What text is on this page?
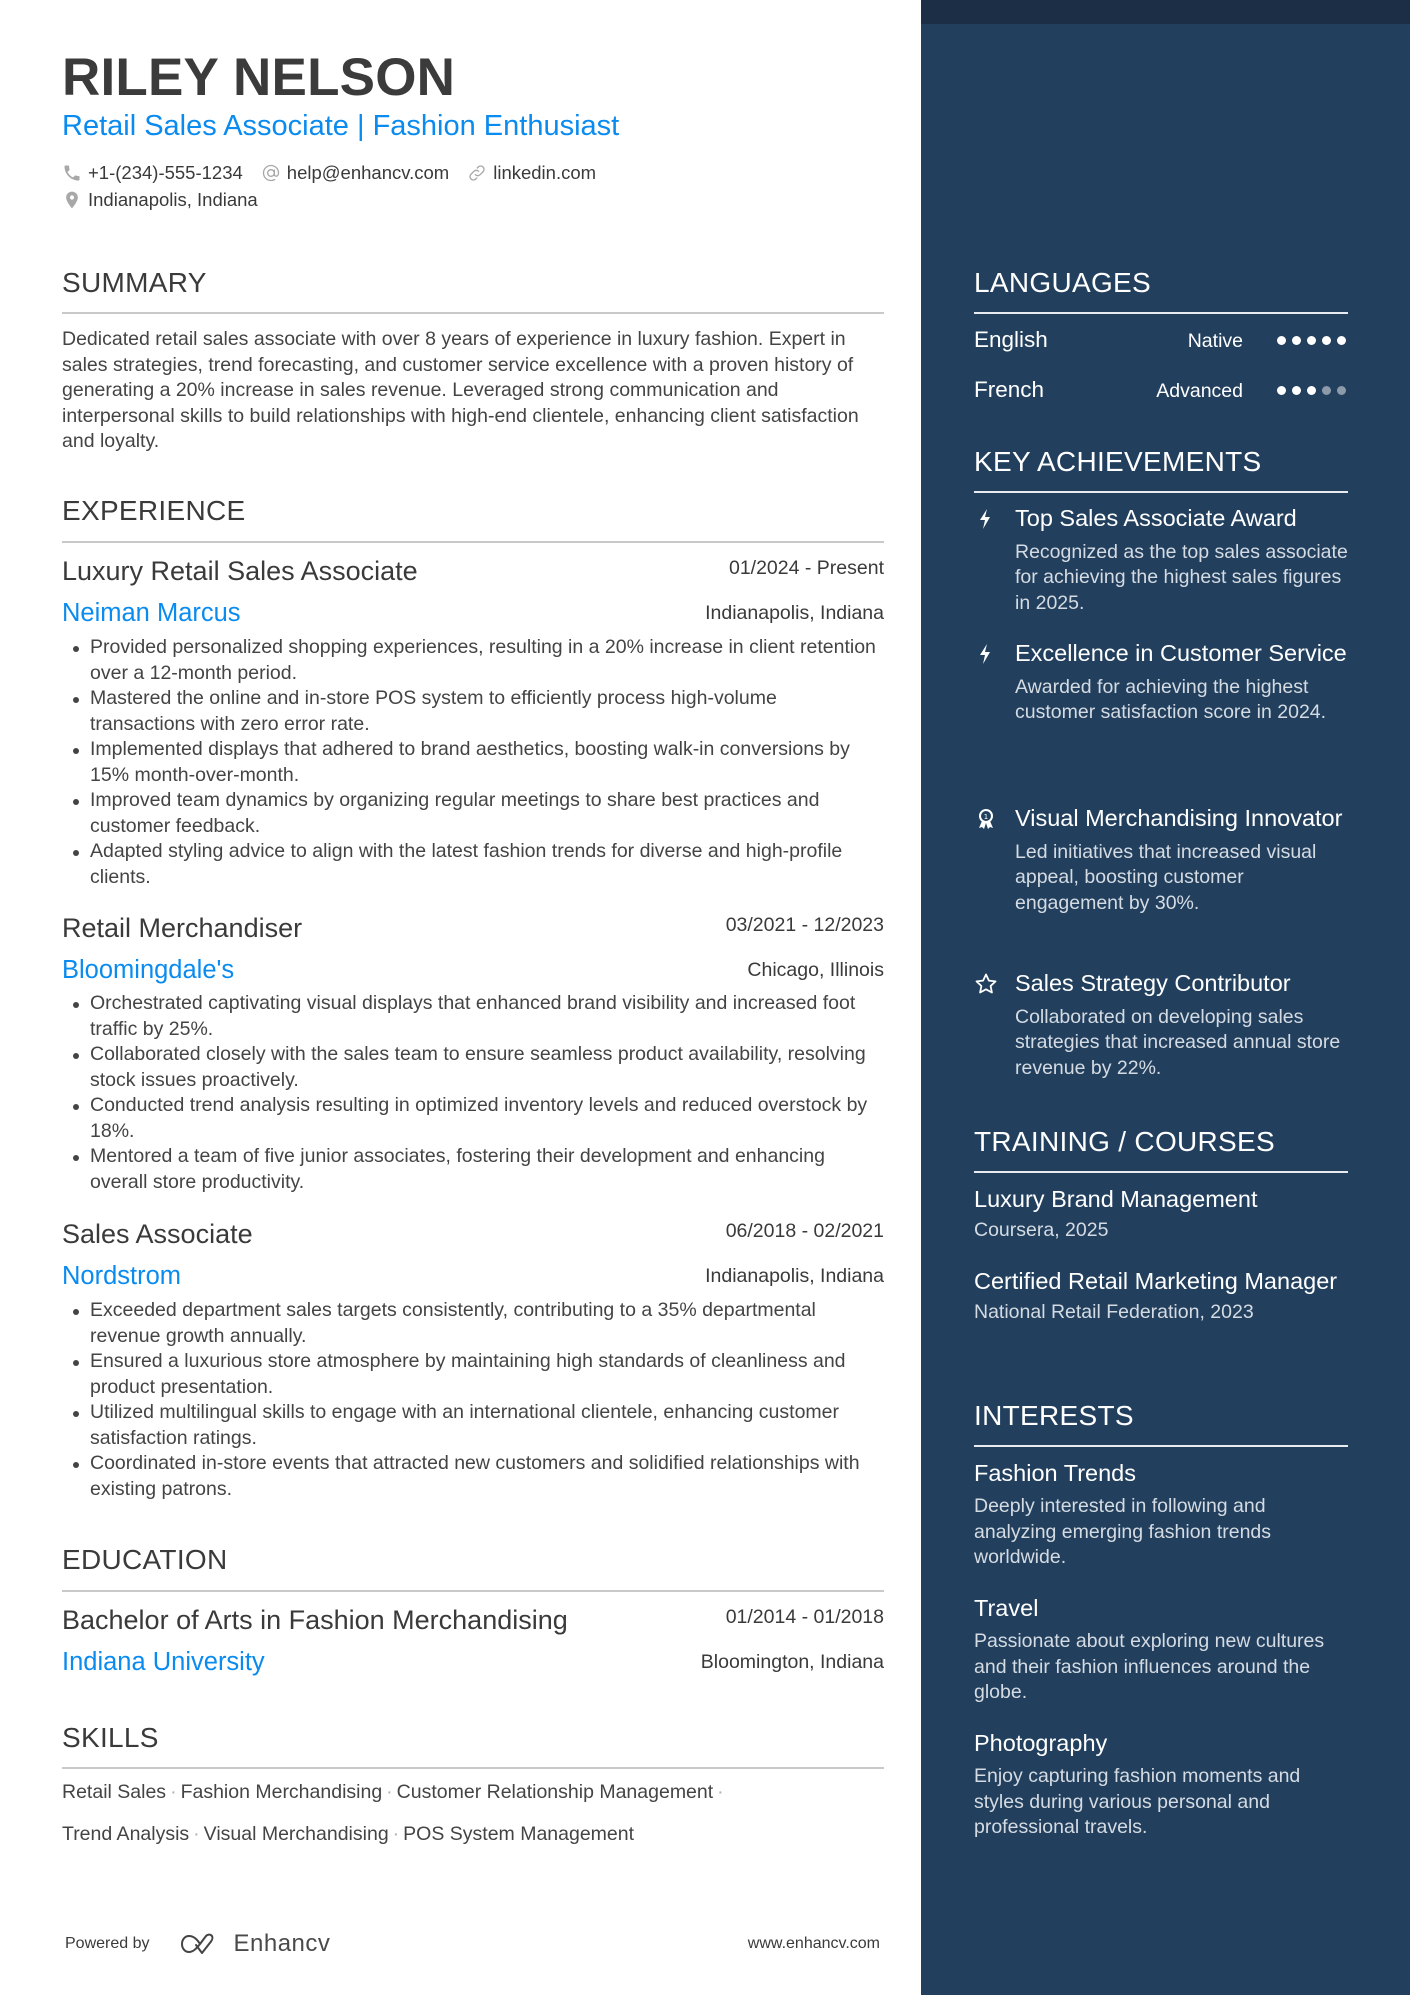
RILEY NELSON
Retail Sales Associate | Fashion Enthusiast
+1-(234)-555-1234 help@enhancv.com linkedin.com
Indianapolis, Indiana
SUMMARY
Dedicated retail sales associate with over 8 years of experience in luxury fashion. Expert in sales strategies, trend forecasting, and customer service excellence with a proven history of generating a 20% increase in sales revenue. Leveraged strong communication and interpersonal skills to build relationships with high-end clientele, enhancing client satisfaction and loyalty.
EXPERIENCE
Luxury Retail Sales Associate	01/2024 - Present
Neiman Marcus	Indianapolis, Indiana
Provided personalized shopping experiences, resulting in a 20% increase in client retention over a 12-month period.
Mastered the online and in-store POS system to efficiently process high-volume transactions with zero error rate.
Implemented displays that adhered to brand aesthetics, boosting walk-in conversions by 15% month-over-month.
Improved team dynamics by organizing regular meetings to share best practices and customer feedback.
Adapted styling advice to align with the latest fashion trends for diverse and high-profile clients.
Retail Merchandiser	03/2021 - 12/2023
Bloomingdale's	Chicago, Illinois
Orchestrated captivating visual displays that enhanced brand visibility and increased foot traffic by 25%.
Collaborated closely with the sales team to ensure seamless product availability, resolving stock issues proactively.
Conducted trend analysis resulting in optimized inventory levels and reduced overstock by 18%.
Mentored a team of five junior associates, fostering their development and enhancing overall store productivity.
Sales Associate	06/2018 - 02/2021
Nordstrom	Indianapolis, Indiana
Exceeded department sales targets consistently, contributing to a 35% departmental revenue growth annually.
Ensured a luxurious store atmosphere by maintaining high standards of cleanliness and product presentation.
Utilized multilingual skills to engage with an international clientele, enhancing customer satisfaction ratings.
Coordinated in-store events that attracted new customers and solidified relationships with existing patrons.
EDUCATION
Bachelor of Arts in Fashion Merchandising	01/2014 - 01/2018
Indiana University	Bloomington, Indiana
SKILLS
Retail Sales · Fashion Merchandising · Customer Relationship Management ·
Trend Analysis · Visual Merchandising · POS System Management
Powered by	Enhancv	www.enhancv.com
LANGUAGES
English	Native
French	Advanced
KEY ACHIEVEMENTS
Top Sales Associate Award
Recognized as the top sales associate for achieving the highest sales figures in 2025.
Excellence in Customer Service
Awarded for achieving the highest customer satisfaction score in 2024.
1 Visual Merchandising Innovator
Led initiatives that increased visual appeal, boosting customer engagement by 30%.
Sales Strategy Contributor
Collaborated on developing sales strategies that increased annual store revenue by 22%.
TRAINING / COURSES
Luxury Brand Management
Coursera, 2025
Certified Retail Marketing Manager
National Retail Federation, 2023
INTERESTS
Fashion Trends
Deeply interested in following and analyzing emerging fashion trends worldwide.
Travel
Passionate about exploring new cultures and their fashion influences around the globe.
Photography
Enjoy capturing fashion moments and styles during various personal and professional travels.
